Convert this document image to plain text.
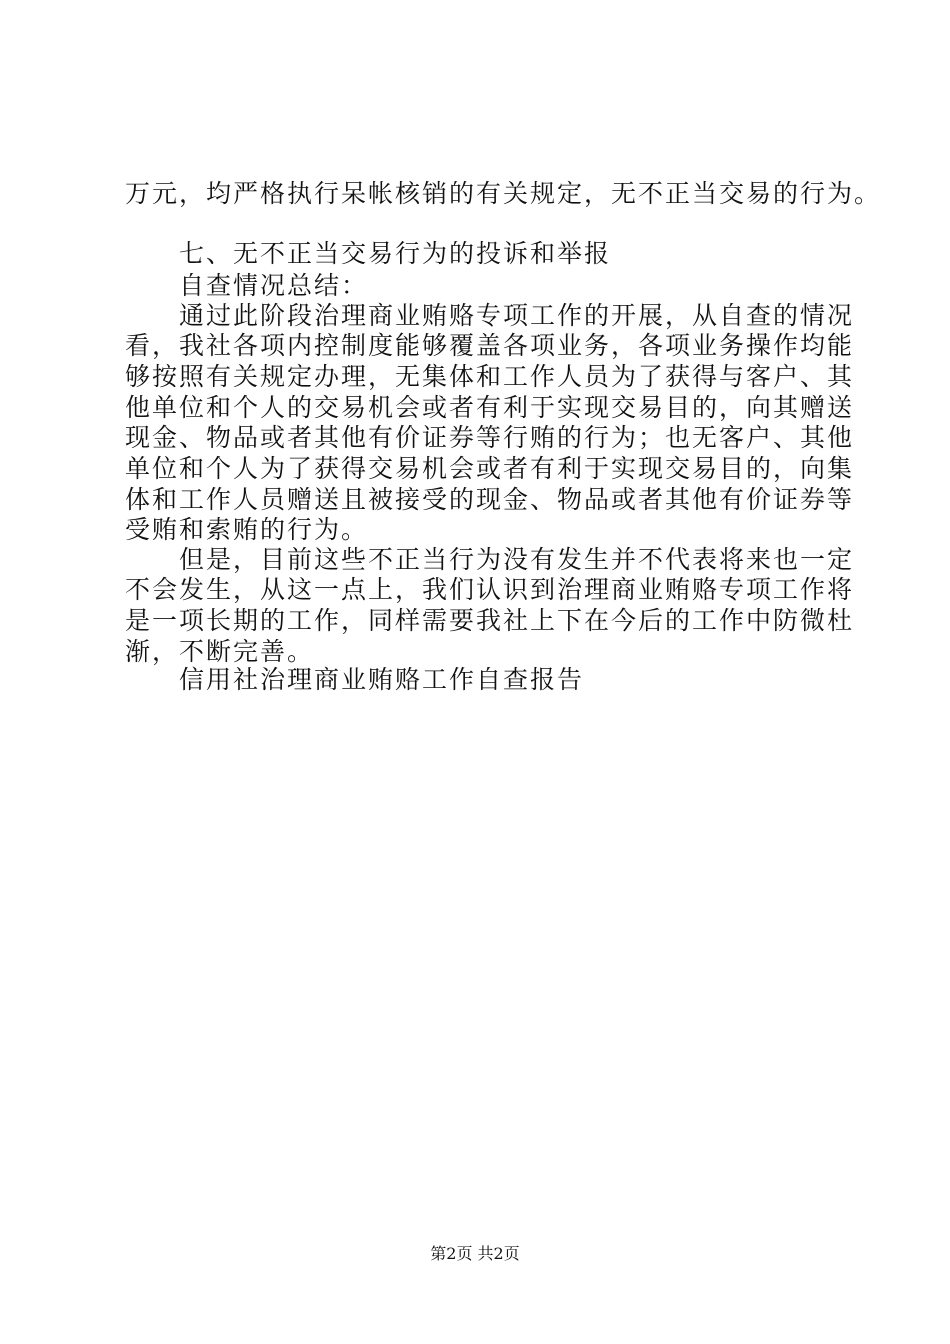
万元，均严格执行呆帐核销的有关规定，无不正当交易的行为。
七、无不正当交易行为的投诉和举报
自查情况总结：
通过此阶段治理商业贿赂专项工作的开展，从自查的情况
看，我社各项内控制度能够覆盖各项业务，各项业务操作均能
够按照有关规定办理，无集体和工作人员为了获得与客户、其
他单位和个人的交易机会或者有利于实现交易目的，向其赠送
现金、物品或者其他有价证券等行贿的行为；也无客户、其他
单位和个人为了获得交易机会或者有利于实现交易目的，向集
体和工作人员赠送且被接受的现金、物品或者其他有价证券等
受贿和索贿的行为。
但是，目前这些不正当行为没有发生并不代表将来也一定
不会发生，从这一点上，我们认识到治理商业贿赂专项工作将
是一项长期的工作，同样需要我社上下在今后的工作中防微杜
渐，不断完善。
信用社治理商业贿赂工作自查报告
第2页 共2页
